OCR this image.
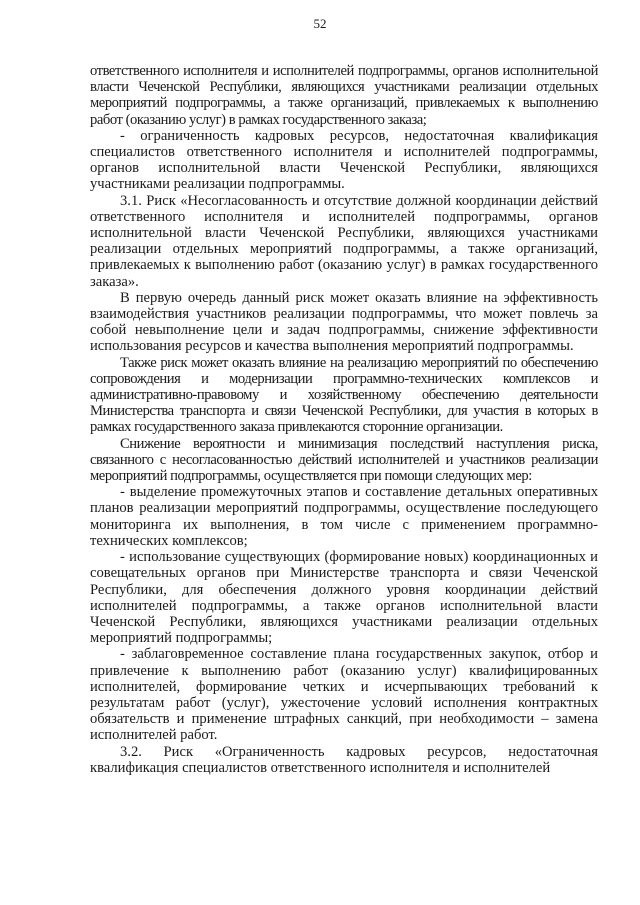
52

ответственного исполнителя и исполнителей подпрограммы, органов исполнительной власти Чеченской Республики, являющихся участниками реализации отдельных мероприятий подпрограммы, а также организаций, привлекаемых к выполнению работ (оказанию услуг) в рамках государственного заказа;

- ограниченность кадровых ресурсов, недостаточная квалификация специалистов ответственного исполнителя и исполнителей подпрограммы, органов исполнительной власти Чеченской Республики, являющихся участниками реализации подпрограммы.

3.1. Риск «Несогласованность и отсутствие должной координации действий ответственного исполнителя и исполнителей подпрограммы, органов исполнительной власти Чеченской Республики, являющихся участниками реализации отдельных мероприятий подпрограммы, а также организаций, привлекаемых к выполнению работ (оказанию услуг) в рамках государственного заказа».

В первую очередь данный риск может оказать влияние на эффективность взаимодействия участников реализации подпрограммы, что может повлечь за собой невыполнение цели и задач подпрограммы, снижение эффективности использования ресурсов и качества выполнения мероприятий подпрограммы.

Также риск может оказать влияние на реализацию мероприятий по обеспечению сопровождения и модернизации программно-технических комплексов и административно-правовому и хозяйственному обеспечению деятельности Министерства транспорта и связи Чеченской Республики, для участия в которых в рамках государственного заказа привлекаются сторонние организации.

Снижение вероятности и минимизация последствий наступления риска, связанного с несогласованностью действий исполнителей и участников реализации мероприятий подпрограммы, осуществляется при помощи следующих мер:

- выделение промежуточных этапов и составление детальных оперативных планов реализации мероприятий подпрограммы, осуществление последующего мониторинга их выполнения, в том числе с применением программно-технических комплексов;

- использование существующих (формирование новых) координационных и совещательных органов при Министерстве транспорта и связи Чеченской Республики, для обеспечения должного уровня координации действий исполнителей подпрограммы, а также органов исполнительной власти Чеченской Республики, являющихся участниками реализации отдельных мероприятий подпрограммы;

- заблаговременное составление плана государственных закупок, отбор и привлечение к выполнению работ (оказанию услуг) квалифицированных исполнителей, формирование четких и исчерпывающих требований к результатам работ (услуг), ужесточение условий исполнения контрактных обязательств и применение штрафных санкций, при необходимости – замена исполнителей работ.

3.2. Риск «Ограниченность кадровых ресурсов, недостаточная квалификация специалистов ответственного исполнителя и исполнителей
